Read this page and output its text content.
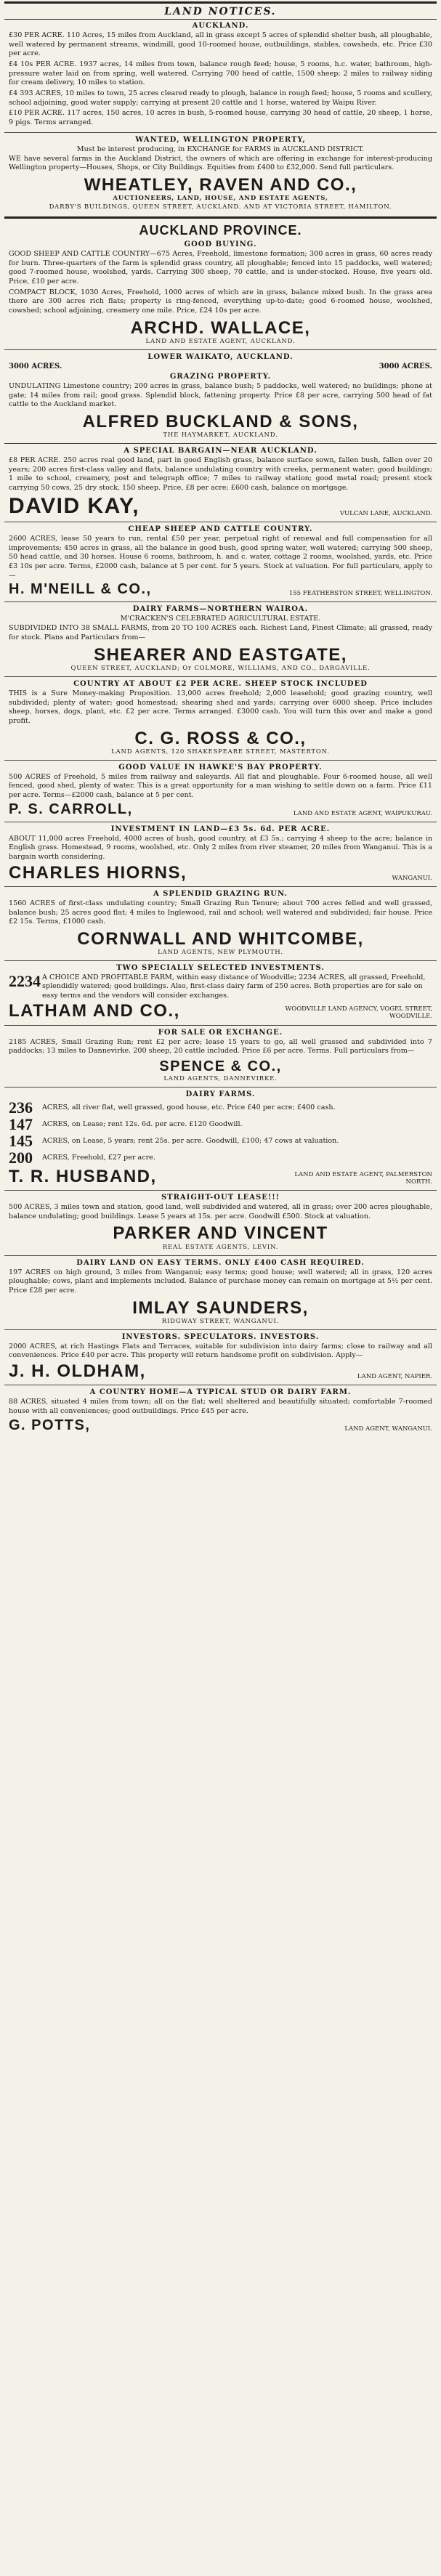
LAND NOTICES.
AUCKLAND.

£30 PER ACRE. 110 Acres, 15 miles from Auckland, all in grass except 5 acres of splendid shelter bush, all ploughable, well watered by permanent streams, windmill, good 10-roomed house, outbuildings, stables, cowsheds, etc. Price £30 per acre.

£4 10s PER ACRE. 1937 acres, 14 miles from town, balance rough feed; house, 5 rooms, h.c. water, bathroom, high-pressure water laid on from spring, well watered. Carrying 700 head of cattle, 1500 sheep; 2 miles to railway siding for cream delivery, 10 miles to station.

£4 393 ACRES, 10 miles to town, 25 acres cleared ready to plough, balance in rough feed; house, 5 rooms and scullery, school adjoining, good water supply; carrying at present 20 cattle and 1 horse, watered by Waipu River.

£10 PER ACRE. 117 acres, 150 acres, 10 acres in bush, 5-roomed house, carrying 30 head of cattle, 20 sheep, 1 horse, 9 pigs. Terms arranged.

WANTED, WELLINGTON PROPERTY,
Must be interest producing, in EXCHANGE for FARMS in AUCKLAND DISTRICT.

WE have several farms in the Auckland District, the owners of which are offering in exchange for interest-producing Wellington property—Houses, Shops, or City Buildings. Equities from £400 to £32,000. Send full particulars.

WHEATLEY, RAVEN AND CO.,
AUCTIONEERS, LAND, HOUSE, AND ESTATE AGENTS,
DARBY'S BUILDINGS, QUEEN STREET, AUCKLAND. AND AT VICTORIA STREET, HAMILTON.
AUCKLAND PROVINCE.
GOOD BUYING.

GOOD SHEEP AND CATTLE COUNTRY—675 Acres, Freehold, limestone formation; 300 acres in grass, 60 acres ready for burn. Three-quarters of the farm is splendid grass country, all ploughable; fenced into 15 paddocks, well watered; good 7-roomed house, woolshed, yards. Carrying 300 sheep, 70 cattle, and is under-stocked. House, five years old. Price, £10 per acre.

COMPACT BLOCK, 1030 Acres, Freehold, 1000 acres of which are in grass, balance mixed bush. In the grass area there are 300 acres rich flats; property is ring-fenced, everything up-to-date; good 6-roomed house, woolshed, cowshed; school adjoining, creamery one mile. Price, £24 10s per acre.

ARCHD. WALLACE,
LAND AND ESTATE AGENT, AUCKLAND.
LOWER WAIKATO, AUCKLAND.
3000 ACRES.	3000 ACRES.
GRAZING PROPERTY.

UNDULATING Limestone country; 200 acres in grass, balance bush; 5 paddocks, well watered; no buildings; phone at gate; 14 miles from rail; good grass. Splendid block, fattening property. Price £8 per acre, carrying 500 head of fat cattle to the Auckland market.

ALFRED BUCKLAND & SONS,
THE HAYMARKET, AUCKLAND.
A SPECIAL BARGAIN—NEAR AUCKLAND.

£8 PER ACRE. 250 acres real good land, part in good English grass, balance surface sown, fallen bush, fallen over 20 years; 200 acres first-class valley and flats, balance undulating country with creeks, permanent water; good buildings; 1 mile to school, creamery, post and telegraph office; 7 miles to railway station; good metal road; present stock carrying 50 cows, 25 dry stock, 150 sheep. Price, £8 per acre; £600 cash, balance on mortgage.

DAVID KAY,	VULCAN LANE, AUCKLAND.
CHEAP SHEEP AND CATTLE COUNTRY.

2600 ACRES, lease 50 years to run, rental £50 per year, perpetual right of renewal and full compensation for all improvements; 450 acres in grass, all the balance in good bush, good spring water, well watered; carrying 500 sheep, 50 head cattle, and 30 horses. House 6 rooms, bathroom, h. and c. water, cottage 2 rooms, woolshed, yards, etc. Price £3 10s per acre. Terms, £2000 cash, balance at 5 per cent. for 5 years. Stock at valuation. For full particulars, apply to—

H. M'NEILL & CO.,	155 FEATHERSTON STREET, WELLINGTON.
DAIRY FARMS—NORTHERN WAIROA.
M'CRACKEN'S CELEBRATED AGRICULTURAL ESTATE.

SUBDIVIDED INTO 38 SMALL FARMS, from 20 TO 100 ACRES each. Richest Land, Finest Climate; all grassed, ready for stock. Plans and Particulars from—

SHEARER AND EASTGATE,
QUEEN STREET, AUCKLAND; Or COLMORE, WILLIAMS, AND CO., DARGAVILLE.
COUNTRY AT ABOUT £2 PER ACRE. SHEEP STOCK INCLUDED

THIS is a Sure Money-making Proposition. 13,000 acres freehold; 2,000 leasehold; good grazing country, well subdivided; plenty of water; good homestead; shearing shed and yards; carrying over 6000 sheep. Price includes sheep, horses, dogs, plant, etc. £2 per acre. Terms arranged. £3000 cash. You will turn this over and make a good profit.

C. G. ROSS & CO.,
LAND AGENTS, 120 SHAKESPEARE STREET, MASTERTON.
GOOD VALUE IN HAWKE'S BAY PROPERTY.

500 ACRES of Freehold, 5 miles from railway and saleyards. All flat and ploughable. Four 6-roomed house, all well fenced, good shed, plenty of water. This is a great opportunity for a man wishing to settle down on a farm. Price £11 per acre. Terms—£2000 cash, balance at 5 per cent.

P. S. CARROLL,	LAND AND ESTATE AGENT, WAIPUKURAU.
INVESTMENT IN LAND—£3 5s. 6d. PER ACRE.

ABOUT 11,000 acres Freehold, 4000 acres of bush, good country, at £3 5s.; carrying 4 sheep to the acre; balance in English grass. Homestead, 9 rooms, woolshed, etc. Only 2 miles from river steamer, 20 miles from Wanganui. This is a bargain worth considering.

CHARLES HIORNS,	WANGANUI.
A SPLENDID GRAZING RUN.

1560 ACRES of first-class undulating country; Small Grazing Run Tenure; about 700 acres felled and well grassed, balance bush; 25 acres good flat; 4 miles to Inglewood, rail and school; well watered and subdivided; fair house. Price £2 15s. Terms, £1000 cash.

CORNWALL AND WHITCOMBE,
LAND AGENTS, NEW PLYMOUTH.
TWO SPECIALLY SELECTED INVESTMENTS.
2234 A CHOICE AND PROFITABLE FARM, within easy distance of Woodville; 2234 ACRES, all grassed, Freehold, splendidly watered; good buildings. Also, first-class dairy farm of 250 acres. Both properties are for sale on easy terms and the vendors will consider exchanges.
LATHAM AND CO.,	WOODVILLE LAND AGENCY, VOGEL STREET, WOODVILLE.
FOR SALE OR EXCHANGE.

2185 ACRES, Small Grazing Run; rent £2 per acre; lease 15 years to go, all well grassed and subdivided into 7 paddocks; 13 miles to Dannevirke. 200 sheep, 20 cattle included. Price £6 per acre. Terms. Full particulars from—

SPENCE & CO.,
LAND AGENTS, DANNEVIRKE.
DAIRY FARMS.
236	ACRES, all river flat, well grassed, good house, etc. Price £40 per acre; £400 cash.
147	ACRES, on Lease; rent 12s. 6d. per acre. £120 Goodwill.
145	ACRES, on Lease, 5 years; rent 25s. per acre. Goodwill, £100; 47 cows at valuation.
200	ACRES, Freehold, £27 per acre.
T. R. HUSBAND,	LAND AND ESTATE AGENT, PALMERSTON NORTH.
STRAIGHT-OUT LEASE!!!

500 ACRES, 3 miles town and station, good land, well subdivided and watered, all in grass; over 200 acres ploughable, balance undulating; good buildings. Lease 5 years at 15s. per acre. Goodwill £500. Stock at valuation.

PARKER AND VINCENT
REAL ESTATE AGENTS, LEVIN.
DAIRY LAND ON EASY TERMS. ONLY £400 CASH REQUIRED.

197 ACRES on high ground, 3 miles from Wanganui; easy terms; good house; well watered; all in grass, 120 acres ploughable; cows, plant and implements included. Balance of purchase money can remain on mortgage at 5½ per cent. Price £28 per acre.

IMLAY SAUNDERS,
RIDGWAY STREET, WANGANUI.
INVESTORS. SPECULATORS. INVESTORS.

2000 ACRES, at rich Hastings Flats and Terraces, suitable for subdivision into dairy farms; close to railway and all conveniences. Price £40 per acre. This property will return handsome profit on subdivision. Apply—

J. H. OLDHAM,	LAND AGENT, NAPIER.
A COUNTRY HOME—A TYPICAL STUD OR DAIRY FARM.

88 ACRES, situated 4 miles from town; all on the flat; well sheltered and beautifully situated; comfortable 7-roomed house with all conveniences; good outbuildings. Price £45 per acre.

G. POTTS,	LAND AGENT, WANGANUI.
